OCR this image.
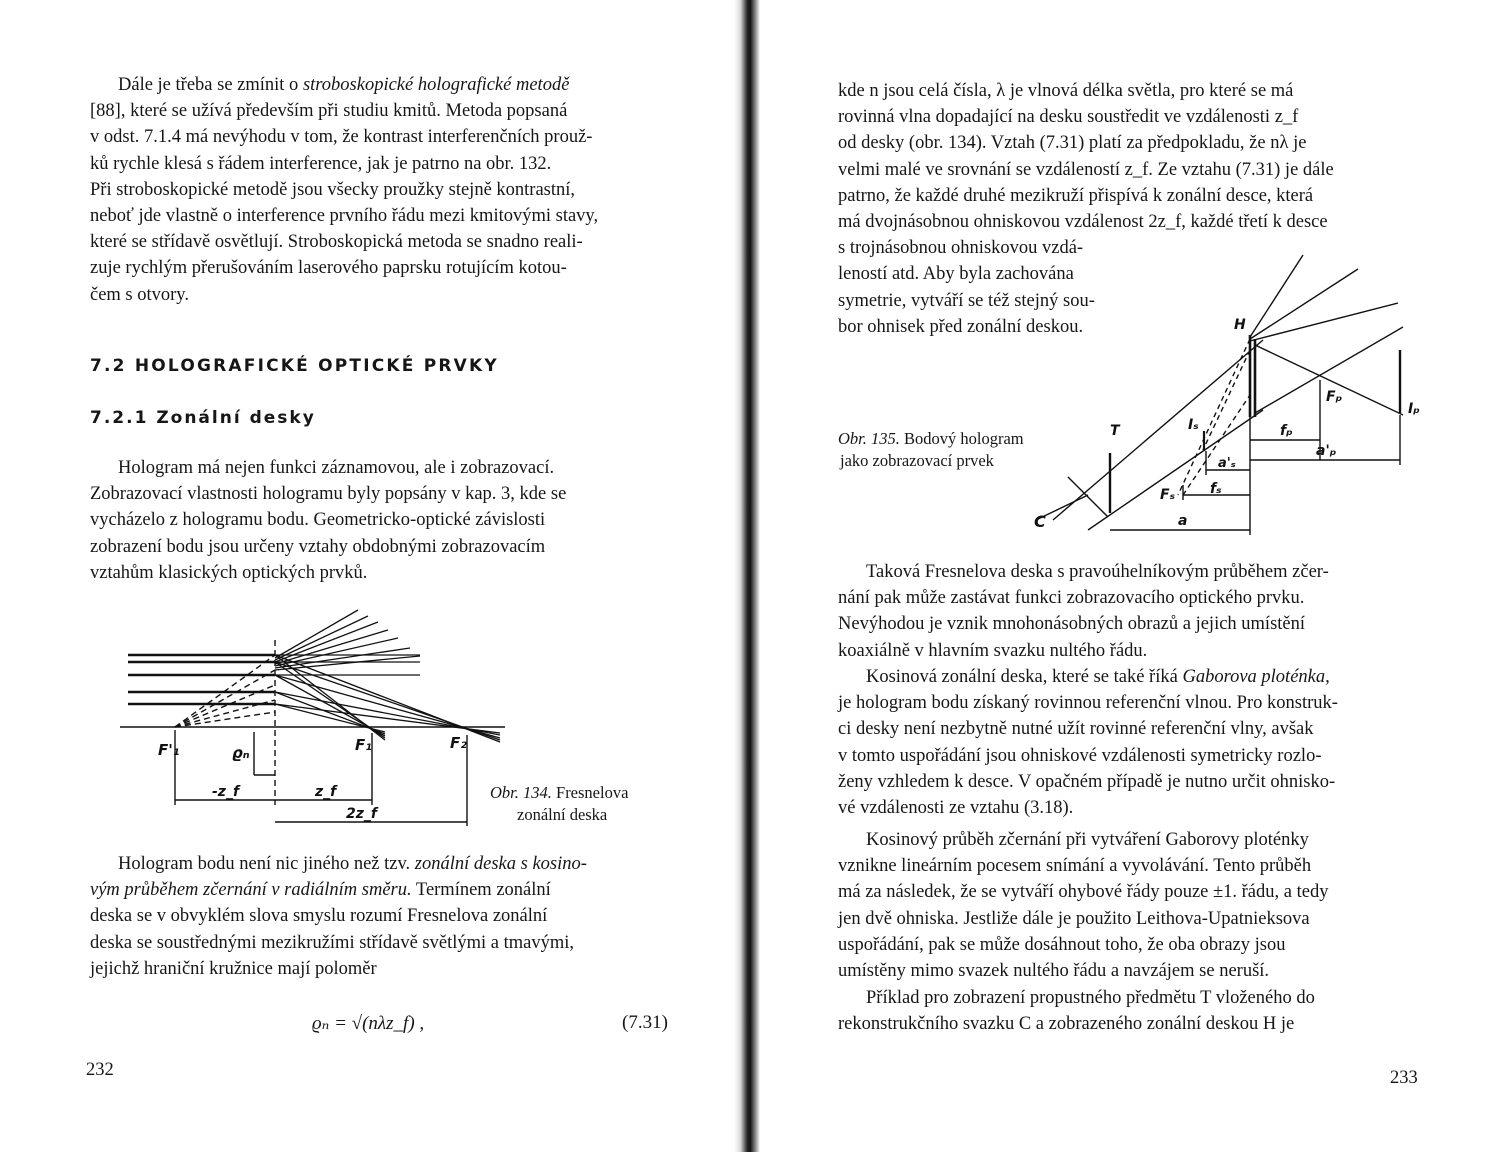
Dále je třeba se zmínit o stroboskopické holografické metodě
[88], které se užívá především při studiu kmitů. Metoda popsaná
v odst. 7.1.4 má nevýhodu v tom, že kontrast interferenčních prouž-
ků rychle klesá s řádem interference, jak je patrno na obr. 132.
Při stroboskopické metodě jsou všecky proužky stejně kontrastní,
neboť jde vlastně o interference prvního řádu mezi kmitovými stavy,
které se střídavě osvětlují. Stroboskopická metoda se snadno reali-
zuje rychlým přerušováním laserového paprsku rotujícím kotou-
čem s otvory.
7.2 HOLOGRAFICKÉ OPTICKÉ PRVKY
7.2.1 Zonální desky
Hologram má nejen funkci záznamovou, ale i zobrazovací.
Zobrazovací vlastnosti hologramu byly popsány v kap. 3, kde se
vycházelo z hologramu bodu. Geometricko-optické závislosti
zobrazení bodu jsou určeny vztahy obdobnými zobrazovacím
vztahům klasických optických prvků.
F'₁	ϱₙ	F₁	F₂
-z_f	z_f
2z_f
Obr. 134. Fresnelova
zonální deska
Hologram bodu není nic jiného než tzv. zonální deska s kosino-
vým průběhem zčernání v radiálním směru. Termínem zonální
deska se v obvyklém slova smyslu rozumí Fresnelova zonální
deska se soustřednými mezikružími střídavě světlými a tmavými,
jejichž hraniční kružnice mají poloměr
ϱₙ = √(nλz_f) ,	(7.31)
232
kde n jsou celá čísla, λ je vlnová délka světla, pro které se má
rovinná vlna dopadající na desku soustředit ve vzdálenosti z_f
od desky (obr. 134). Vztah (7.31) platí za předpokladu, že nλ je
velmi malé ve srovnání se vzdáleností z_f. Ze vztahu (7.31) je dále
patrno, že každé druhé mezikruží přispívá k zonální desce, která
má dvojnásobnou ohniskovou vzdálenost 2z_f, každé třetí k desce
s trojnásobnou ohniskovou vzdá-
leností atd. Aby byla zachována
symetrie, vytváří se též stejný sou-
bor ohnisek před zonální deskou.	H
T
C
Fₚ
Iₚ
Iₛ
Fₛ
fₚ
a'ₚ
a'ₛ
fₛ
a
Obr. 135. Bodový hologram
jako zobrazovací prvek
Taková Fresnelova deska s pravoúhelníkovým průběhem zčer-
nání pak může zastávat funkci zobrazovacího optického prvku.
Nevýhodou je vznik mnohonásobných obrazů a jejich umístění
koaxiálně v hlavním svazku nultého řádu.
Kosinová zonální deska, které se také říká Gaborova ploténka,
je hologram bodu získaný rovinnou referenční vlnou. Pro konstruk-
ci desky není nezbytně nutné užít rovinné referenční vlny, avšak
v tomto uspořádání jsou ohniskové vzdálenosti symetricky rozlo-
ženy vzhledem k desce. V opačném případě je nutno určit ohnisko-
vé vzdálenosti ze vztahu (3.18).
Kosinový průběh zčernání při vytváření Gaborovy ploténky
vznikne lineárním pocesem snímání a vyvolávání. Tento průběh
má za následek, že se vytváří ohybové řády pouze ±1. řádu, a tedy
jen dvě ohniska. Jestliže dále je použito Leithova-Upatnieksova
uspořádání, pak se může dosáhnout toho, že oba obrazy jsou
umístěny mimo svazek nultého řádu a navzájem se neruší.
Příklad pro zobrazení propustného předmětu T vloženého do
rekonstrukčního svazku C a zobrazeného zonální deskou H je
233
